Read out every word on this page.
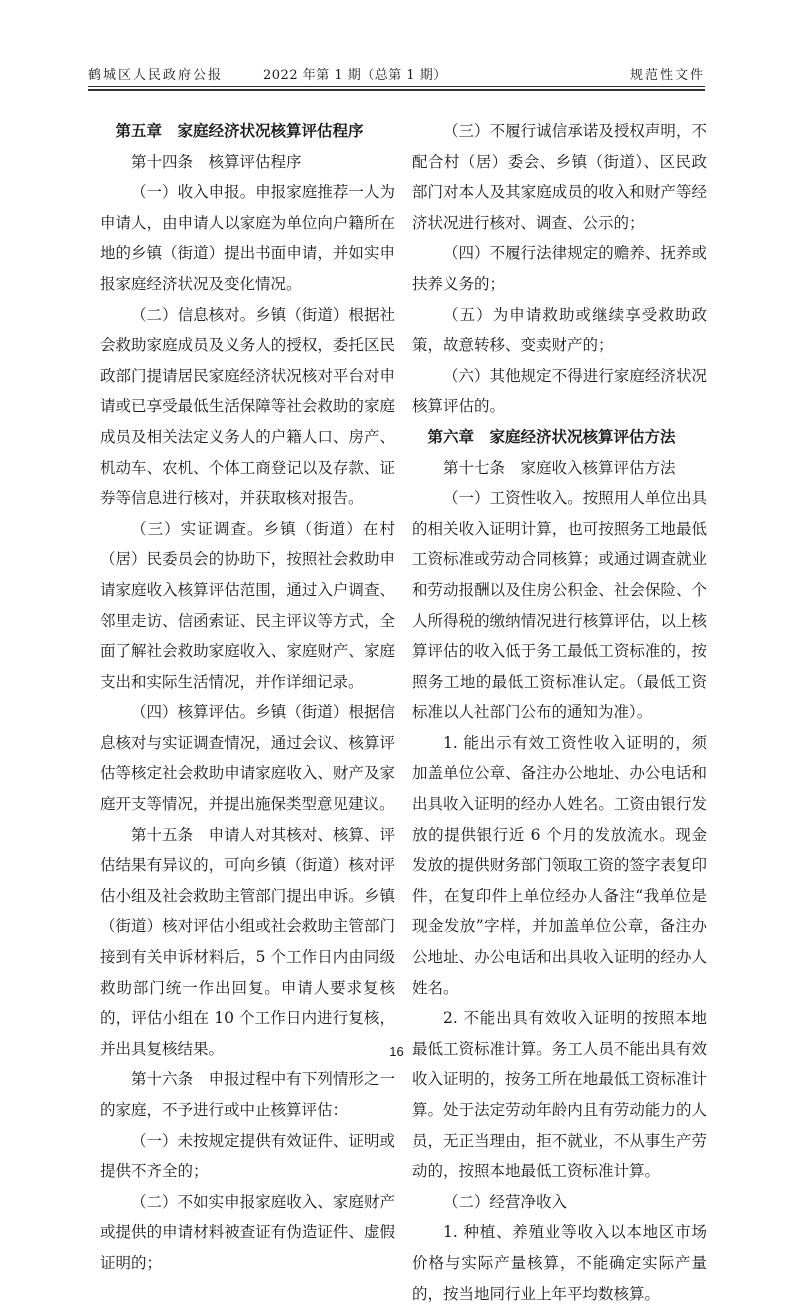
鹤城区人民政府公报	2022 年第 1 期（总第 1 期）	规范性文件

第五章　家庭经济状况核算评估程序

第十四条　核算评估程序

（一）收入申报。申报家庭推荐一人为申请人，由申请人以家庭为单位向户籍所在地的乡镇（街道）提出书面申请，并如实申报家庭经济状况及变化情况。

（二）信息核对。乡镇（街道）根据社会救助家庭成员及义务人的授权，委托区民政部门提请居民家庭经济状况核对平台对申请或已享受最低生活保障等社会救助的家庭成员及相关法定义务人的户籍人口、房产、机动车、农机、个体工商登记以及存款、证券等信息进行核对，并获取核对报告。

（三）实证调查。乡镇（街道）在村（居）民委员会的协助下，按照社会救助申请家庭收入核算评估范围，通过入户调查、邻里走访、信函索证、民主评议等方式，全面了解社会救助家庭收入、家庭财产、家庭支出和实际生活情况，并作详细记录。

（四）核算评估。乡镇（街道）根据信息核对与实证调查情况，通过会议、核算评估等核定社会救助申请家庭收入、财产及家庭开支等情况，并提出施保类型意见建议。

第十五条　申请人对其核对、核算、评估结果有异议的，可向乡镇（街道）核对评估小组及社会救助主管部门提出申诉。乡镇（街道）核对评估小组或社会救助主管部门接到有关申诉材料后，5 个工作日内由同级救助部门统一作出回复。申请人要求复核的，评估小组在 10 个工作日内进行复核，并出具复核结果。

第十六条　申报过程中有下列情形之一的家庭，不予进行或中止核算评估：

（一）未按规定提供有效证件、证明或提供不齐全的；

（二）不如实申报家庭收入、家庭财产或提供的申请材料被查证有伪造证件、虚假证明的；

（三）不履行诚信承诺及授权声明，不配合村（居）委会、乡镇（街道）、区民政部门对本人及其家庭成员的收入和财产等经济状况进行核对、调查、公示的；

（四）不履行法律规定的赡养、抚养或扶养义务的；

（五）为申请救助或继续享受救助政策，故意转移、变卖财产的；

（六）其他规定不得进行家庭经济状况核算评估的。

第六章　家庭经济状况核算评估方法

第十七条　家庭收入核算评估方法

（一）工资性收入。按照用人单位出具的相关收入证明计算，也可按照务工地最低工资标准或劳动合同核算；或通过调查就业和劳动报酬以及住房公积金、社会保险、个人所得税的缴纳情况进行核算评估，以上核算评估的收入低于务工最低工资标准的，按照务工地的最低工资标准认定。（最低工资标准以人社部门公布的通知为准）。

1. 能出示有效工资性收入证明的，须加盖单位公章、备注办公地址、办公电话和出具收入证明的经办人姓名。工资由银行发放的提供银行近 6 个月的发放流水。现金发放的提供财务部门领取工资的签字表复印件，在复印件上单位经办人备注“我单位是现金发放”字样，并加盖单位公章，备注办公地址、办公电话和出具收入证明的经办人姓名。

2. 不能出具有效收入证明的按照本地最低工资标准计算。务工人员不能出具有效收入证明的，按务工所在地最低工资标准计算。处于法定劳动年龄内且有劳动能力的人员，无正当理由，拒不就业，不从事生产劳动的，按照本地最低工资标准计算。

（二）经营净收入

1. 种植、养殖业等收入以本地区市场价格与实际产量核算，不能确定实际产量的，按当地同行业上年平均数核算。

16
